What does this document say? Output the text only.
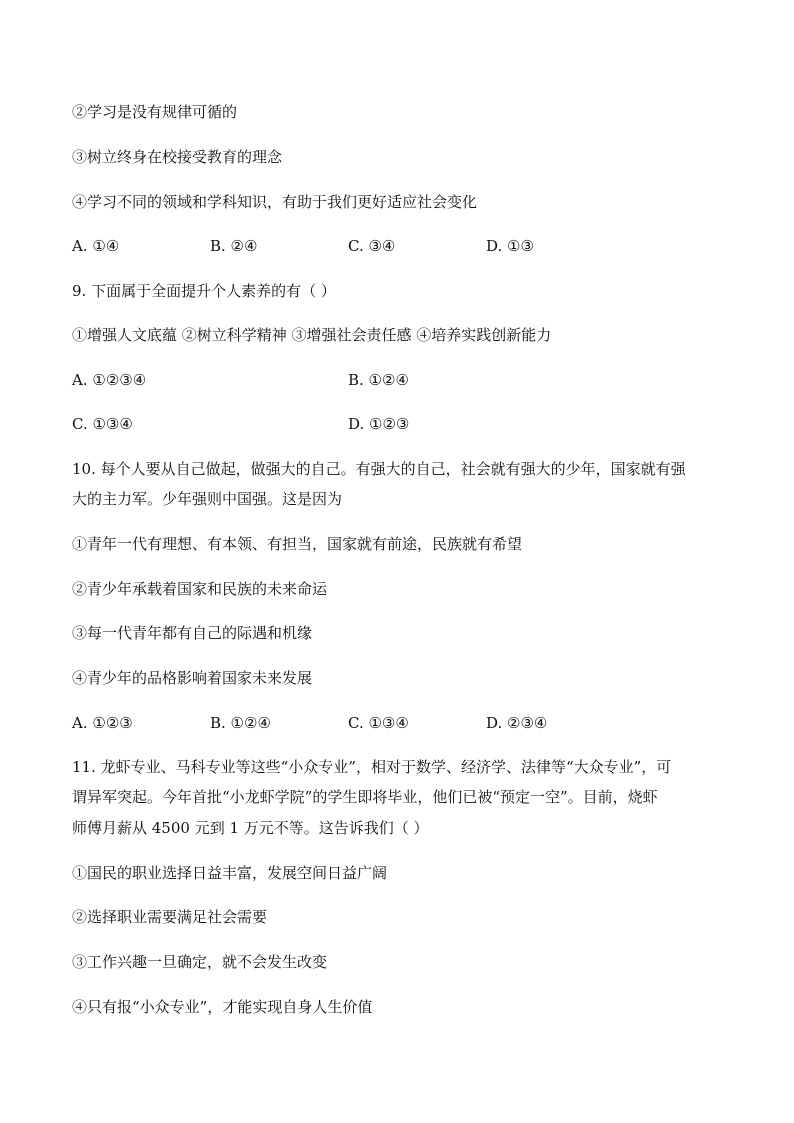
②学习是没有规律可循的
③树立终身在校接受教育的理念
④学习不同的领域和学科知识，有助于我们更好适应社会变化
A. ①④	B. ②④	C. ③④	D. ①③
9. 下面属于全面提升个人素养的有（ ）
①增强人文底蕴 ②树立科学精神 ③增强社会责任感 ④培养实践创新能力
A. ①②③④	B. ①②④
C. ①③④	D. ①②③
10. 每个人要从自己做起，做强大的自己。有强大的自己，社会就有强大的少年，国家就有强
大的主力军。少年强则中国强。这是因为
①青年一代有理想、有本领、有担当，国家就有前途，民族就有希望
②青少年承载着国家和民族的未来命运
③每一代青年都有自己的际遇和机缘
④青少年的品格影响着国家未来发展
A. ①②③	B. ①②④	C. ①③④	D. ②③④
11. 龙虾专业、马科专业等这些“小众专业”，相对于数学、经济学、法律等“大众专业”，可
谓异军突起。今年首批“小龙虾学院”的学生即将毕业，他们已被“预定一空”。目前，烧虾
师傅月薪从 4500 元到 1 万元不等。这告诉我们（ ）
①国民的职业选择日益丰富，发展空间日益广阔
②选择职业需要满足社会需要
③工作兴趣一旦确定，就不会发生改变
④只有报“小众专业”，才能实现自身人生价值
